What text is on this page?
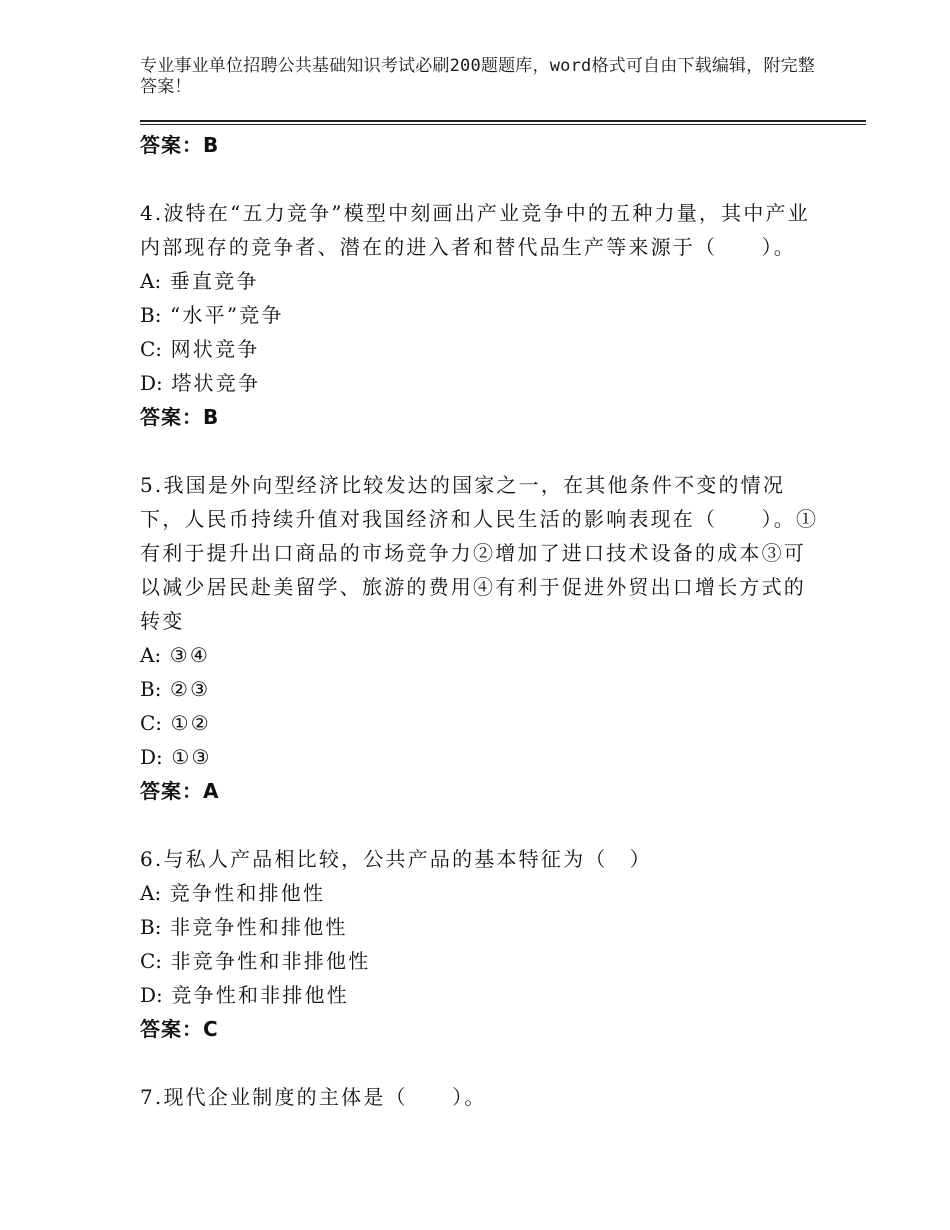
专业事业单位招聘公共基础知识考试必刷200题题库，word格式可自由下载编辑，附完整答案！
答案：B
4.波特在“五力竞争”模型中刻画出产业竞争中的五种力量，其中产业内部现存的竞争者、潜在的进入者和替代品生产等来源于（　　）。
A: 垂直竞争
B: “水平”竞争
C: 网状竞争
D: 塔状竞争
答案：B
5.我国是外向型经济比较发达的国家之一，在其他条件不变的情况下，人民币持续升值对我国经济和人民生活的影响表现在（　　）。①有利于提升出口商品的市场竞争力②增加了进口技术设备的成本③可以减少居民赴美留学、旅游的费用④有利于促进外贸出口增长方式的转变
A: ③④
B: ②③
C: ①②
D: ①③
答案：A
6.与私人产品相比较，公共产品的基本特征为（　）
A: 竞争性和排他性
B: 非竞争性和排他性
C: 非竞争性和非排他性
D: 竞争性和非排他性
答案：C
7.现代企业制度的主体是（　　）。
